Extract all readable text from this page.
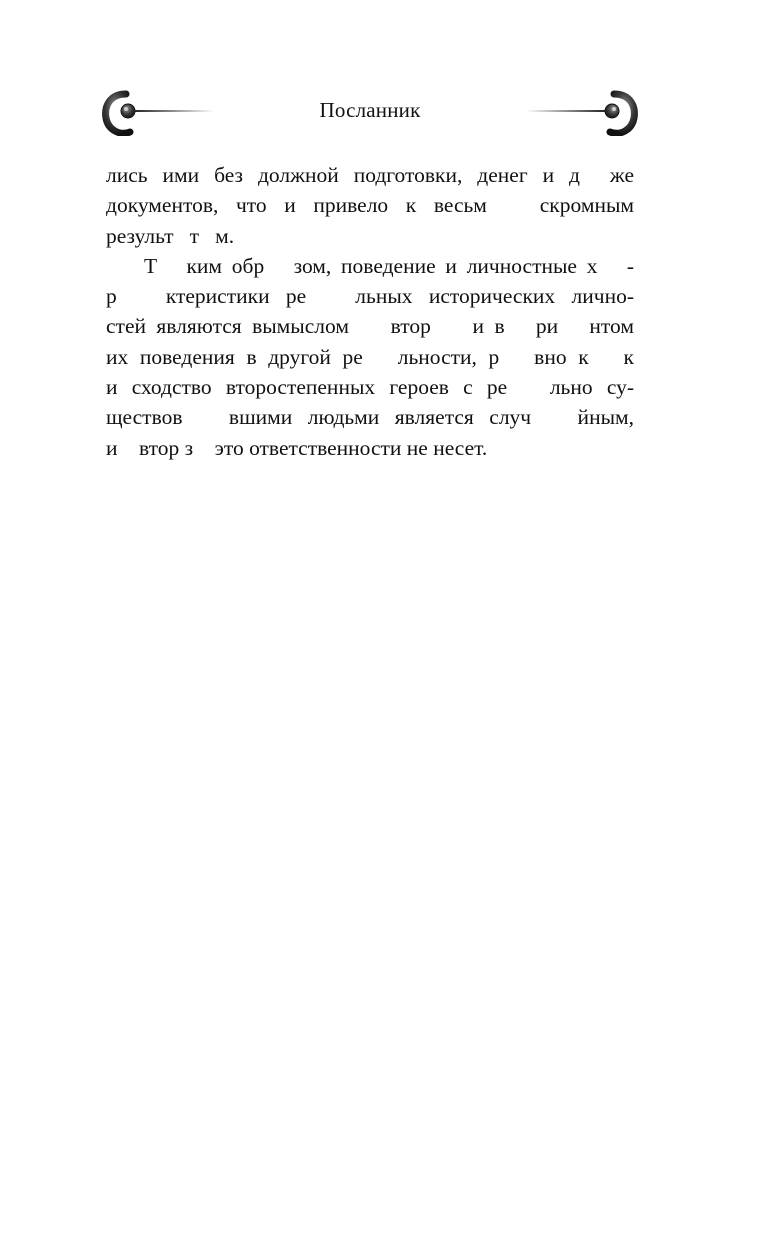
Посланник
лись ими без должной подготовки, денег и д  же
документов, что и привело к весьм   скромным
результ   т   м.
Т   ким обр   зом, поведение и личностные х   -
р   ктеристики ре   льных исторических лично-
стей являются вымыслом    втор    и в   ри   нтом
их поведения в другой ре   льности, р   вно к   к
и сходство второстепенных героев с ре   льно су-
ществов   вшими людьми является случ   йным,
и    втор з    это ответственности не несет.
